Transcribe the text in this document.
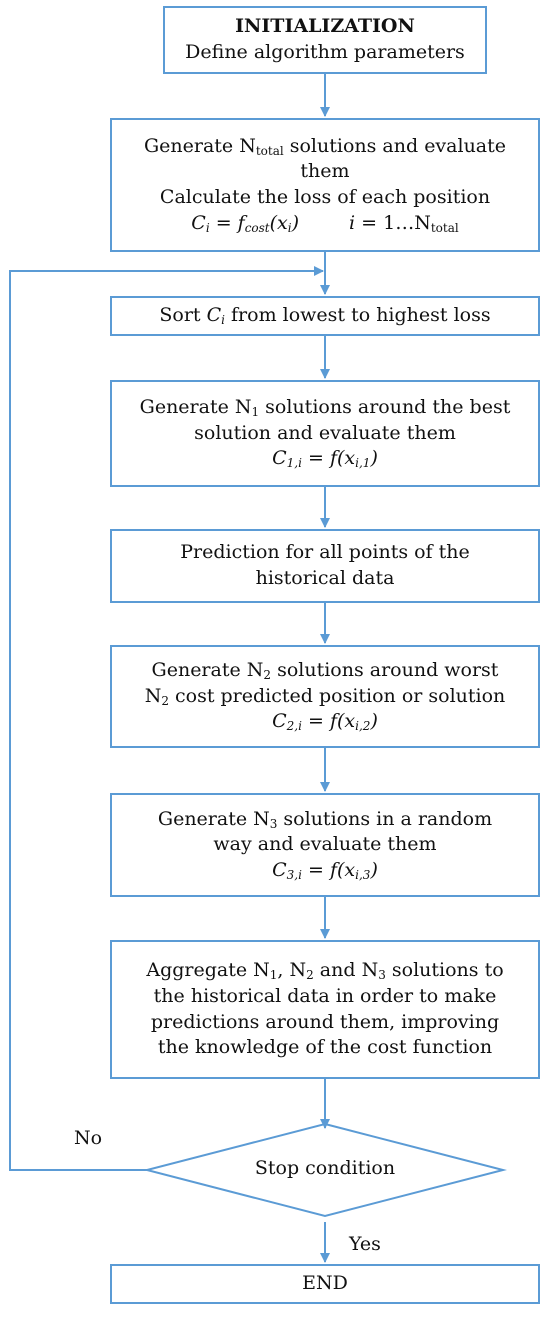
INITIALIZATION
Define algorithm parameters
Generate $N_{total}$ solutions and evaluate
them
Calculate the loss of each position
$C_i = f_{cost}(x_i)$	$i = 1\dots N_{total}$
Sort $C_i$ from lowest to highest loss
Generate $N_1$ solutions around the best
solution and evaluate them
$C_{1,i} = f(x_{i,1})$
Prediction for all points of the
historical data
Generate $N_2$ solutions around worst
$N_2$ cost predicted position or solution
$C_{2,i} = f(x_{i,2})$
Generate $N_3$ solutions in a random
way and evaluate them
$C_{3,i} = f(x_{i,3})$
Aggregate $N_1$, $N_2$ and $N_3$ solutions to
the historical data in order to make
predictions around them, improving
the knowledge of the cost function
Stop condition
No
Yes
END
